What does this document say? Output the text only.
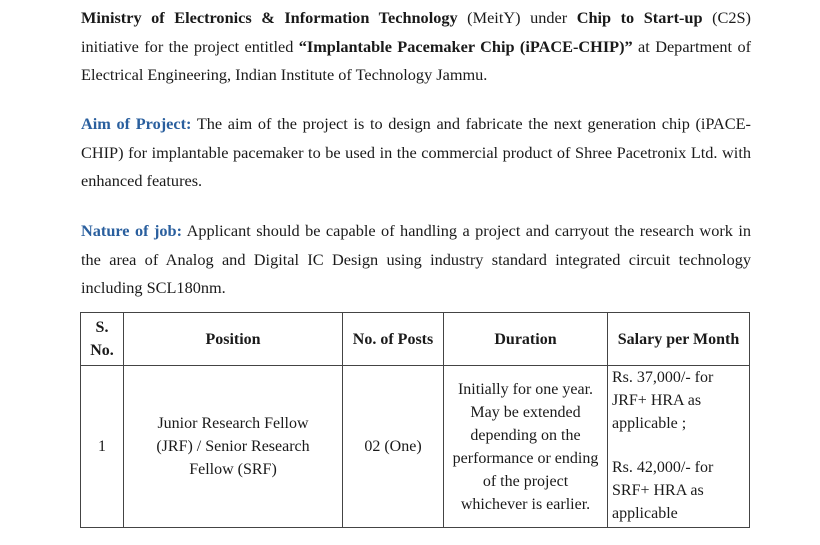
Ministry of Electronics & Information Technology (MeitY) under Chip to Start-up (C2S) initiative for the project entitled “Implantable Pacemaker Chip (iPACE-CHIP)” at Department of Electrical Engineering, Indian Institute of Technology Jammu.
Aim of Project: The aim of the project is to design and fabricate the next generation chip (iPACE-CHIP) for implantable pacemaker to be used in the commercial product of Shree Pacetronix Ltd. with enhanced features.
Nature of job: Applicant should be capable of handling a project and carryout the research work in the area of Analog and Digital IC Design using industry standard integrated circuit technology including SCL180nm.
S. No.	Position	No. of Posts	Duration	Salary per Month
1	Junior Research Fellow (JRF) / Senior Research Fellow (SRF)	02 (One)	Initially for one year. May be extended depending on the performance or ending of the project whichever is earlier.	Rs. 37,000/- for JRF+ HRA as applicable ;
Rs. 42,000/- for SRF+ HRA as applicable
